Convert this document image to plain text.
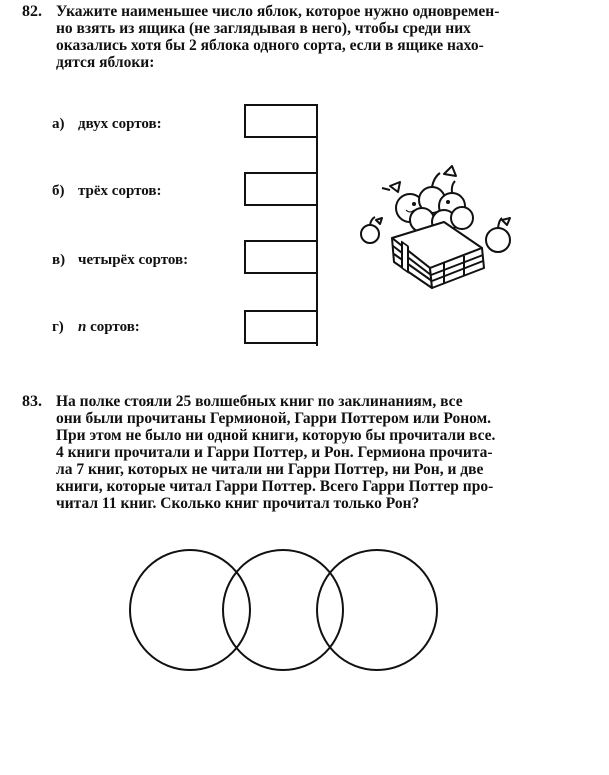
82. Укажите наименьшее число яблок, которое нужно одновремен-
но взять из ящика (не заглядывая в него), чтобы среди них
оказались хотя бы 2 яблока одного сорта, если в ящике нахо-
дятся яблоки:
а) двух сортов:
б) трёх сортов:
в) четырёх сортов:
г) n сортов:
83. На полке стояли 25 волшебных книг по заклинаниям, все
они были прочитаны Гермионой, Гарри Поттером или Роном.
При этом не было ни одной книги, которую бы прочитали все.
4 книги прочитали и Гарри Поттер, и Рон. Гермиона прочита-
ла 7 книг, которых не читали ни Гарри Поттер, ни Рон, и две
книги, которые читал Гарри Поттер. Всего Гарри Поттер про-
читал 11 книг. Сколько книг прочитал только Рон?
